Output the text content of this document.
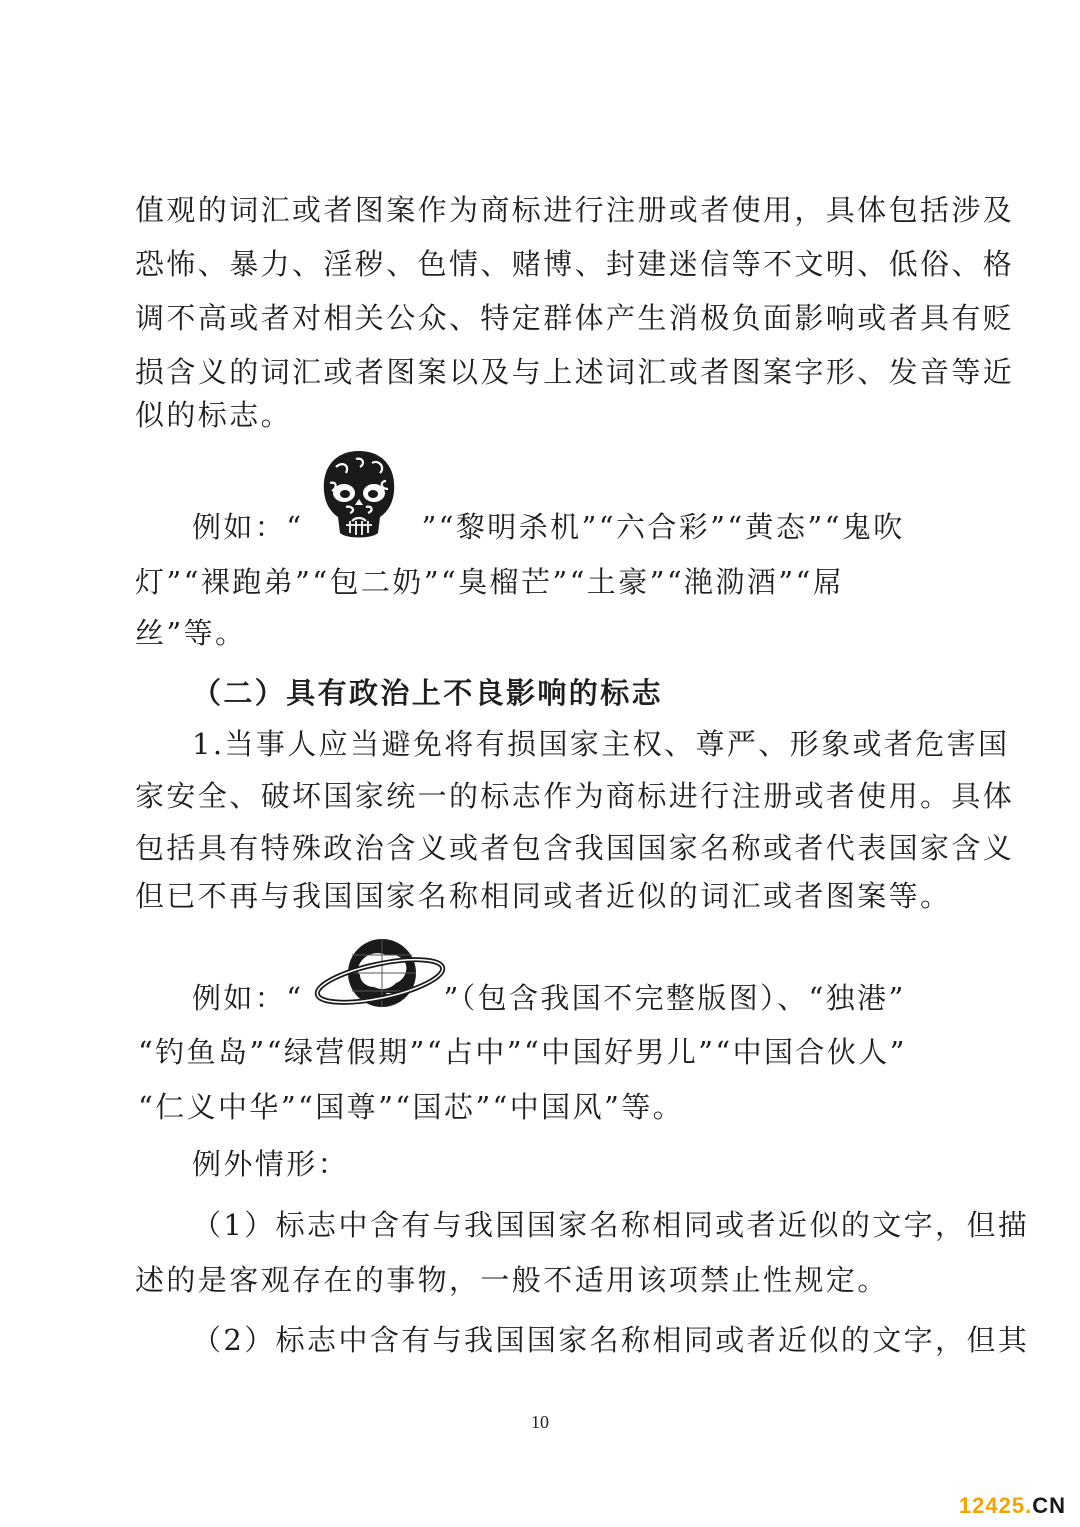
值观的词汇或者图案作为商标进行注册或者使用，具体包括涉及
恐怖、暴力、淫秽、色情、赌博、封建迷信等不文明、低俗、格
调不高或者对相关公众、特定群体产生消极负面影响或者具有贬
损含义的词汇或者图案以及与上述词汇或者图案字形、发音等近
似的标志。
例如：“	”“黎明杀机”“六合彩”“黄态”“鬼吹
灯”“裸跑弟”“包二奶”“臭榴芒”“土豪”“滟泐酒”“屌
丝”等。
（二）具有政治上不良影响的标志
1.当事人应当避免将有损国家主权、尊严、形象或者危害国
家安全、破坏国家统一的标志作为商标进行注册或者使用。具体
包括具有特殊政治含义或者包含我国国家名称或者代表国家含义
但已不再与我国国家名称相同或者近似的词汇或者图案等。
例如：“	”（包含我国不完整版图）、“独港”
“钓鱼岛”“绿营假期”“占中”“中国好男儿”“中国合伙人”
“仁义中华”“国尊”“国芯”“中国风”等。
例外情形：
（1）标志中含有与我国国家名称相同或者近似的文字，但描
述的是客观存在的事物，一般不适用该项禁止性规定。
（2）标志中含有与我国国家名称相同或者近似的文字，但其
10
12425.CN
